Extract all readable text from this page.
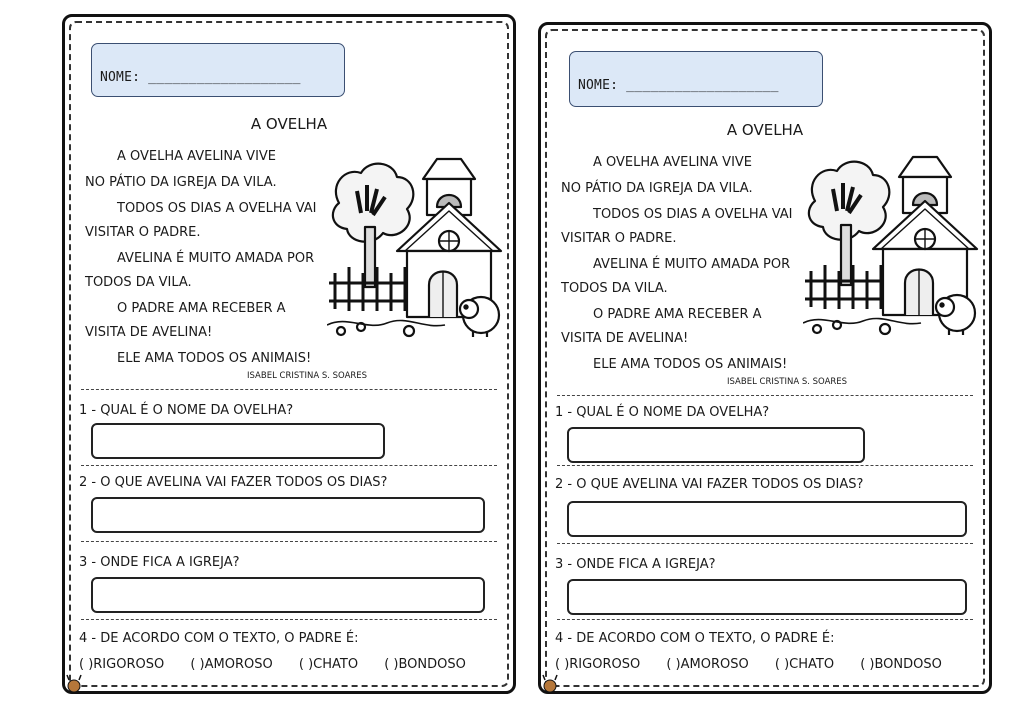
NOME: ___________________
A OVELHA
A OVELHA AVELINA VIVE
NO PÁTIO DA IGREJA DA VILA.
TODOS OS DIAS A OVELHA VAI
VISITAR O PADRE.
AVELINA É MUITO AMADA POR
TODOS DA VILA.
O PADRE AMA RECEBER A
VISITA DE AVELINA!
ELE AMA TODOS OS ANIMAIS!
ISABEL CRISTINA S. SOARES
1 - QUAL É O NOME DA OVELHA?
2 - O QUE AVELINA VAI FAZER TODOS OS DIAS?
3 - ONDE FICA A IGREJA?
4 - DE ACORDO COM O TEXTO, O PADRE É:
( )RIGOROSO ( )AMOROSO ( )CHATO ( )BONDOSO
NOME: ___________________
A OVELHA
A OVELHA AVELINA VIVE
NO PÁTIO DA IGREJA DA VILA.
TODOS OS DIAS A OVELHA VAI
VISITAR O PADRE.
AVELINA É MUITO AMADA POR
TODOS DA VILA.
O PADRE AMA RECEBER A
VISITA DE AVELINA!
ELE AMA TODOS OS ANIMAIS!
ISABEL CRISTINA S. SOARES
1 - QUAL É O NOME DA OVELHA?
2 - O QUE AVELINA VAI FAZER TODOS OS DIAS?
3 - ONDE FICA A IGREJA?
4 - DE ACORDO COM O TEXTO, O PADRE É:
( )RIGOROSO ( )AMOROSO ( )CHATO ( )BONDOSO
